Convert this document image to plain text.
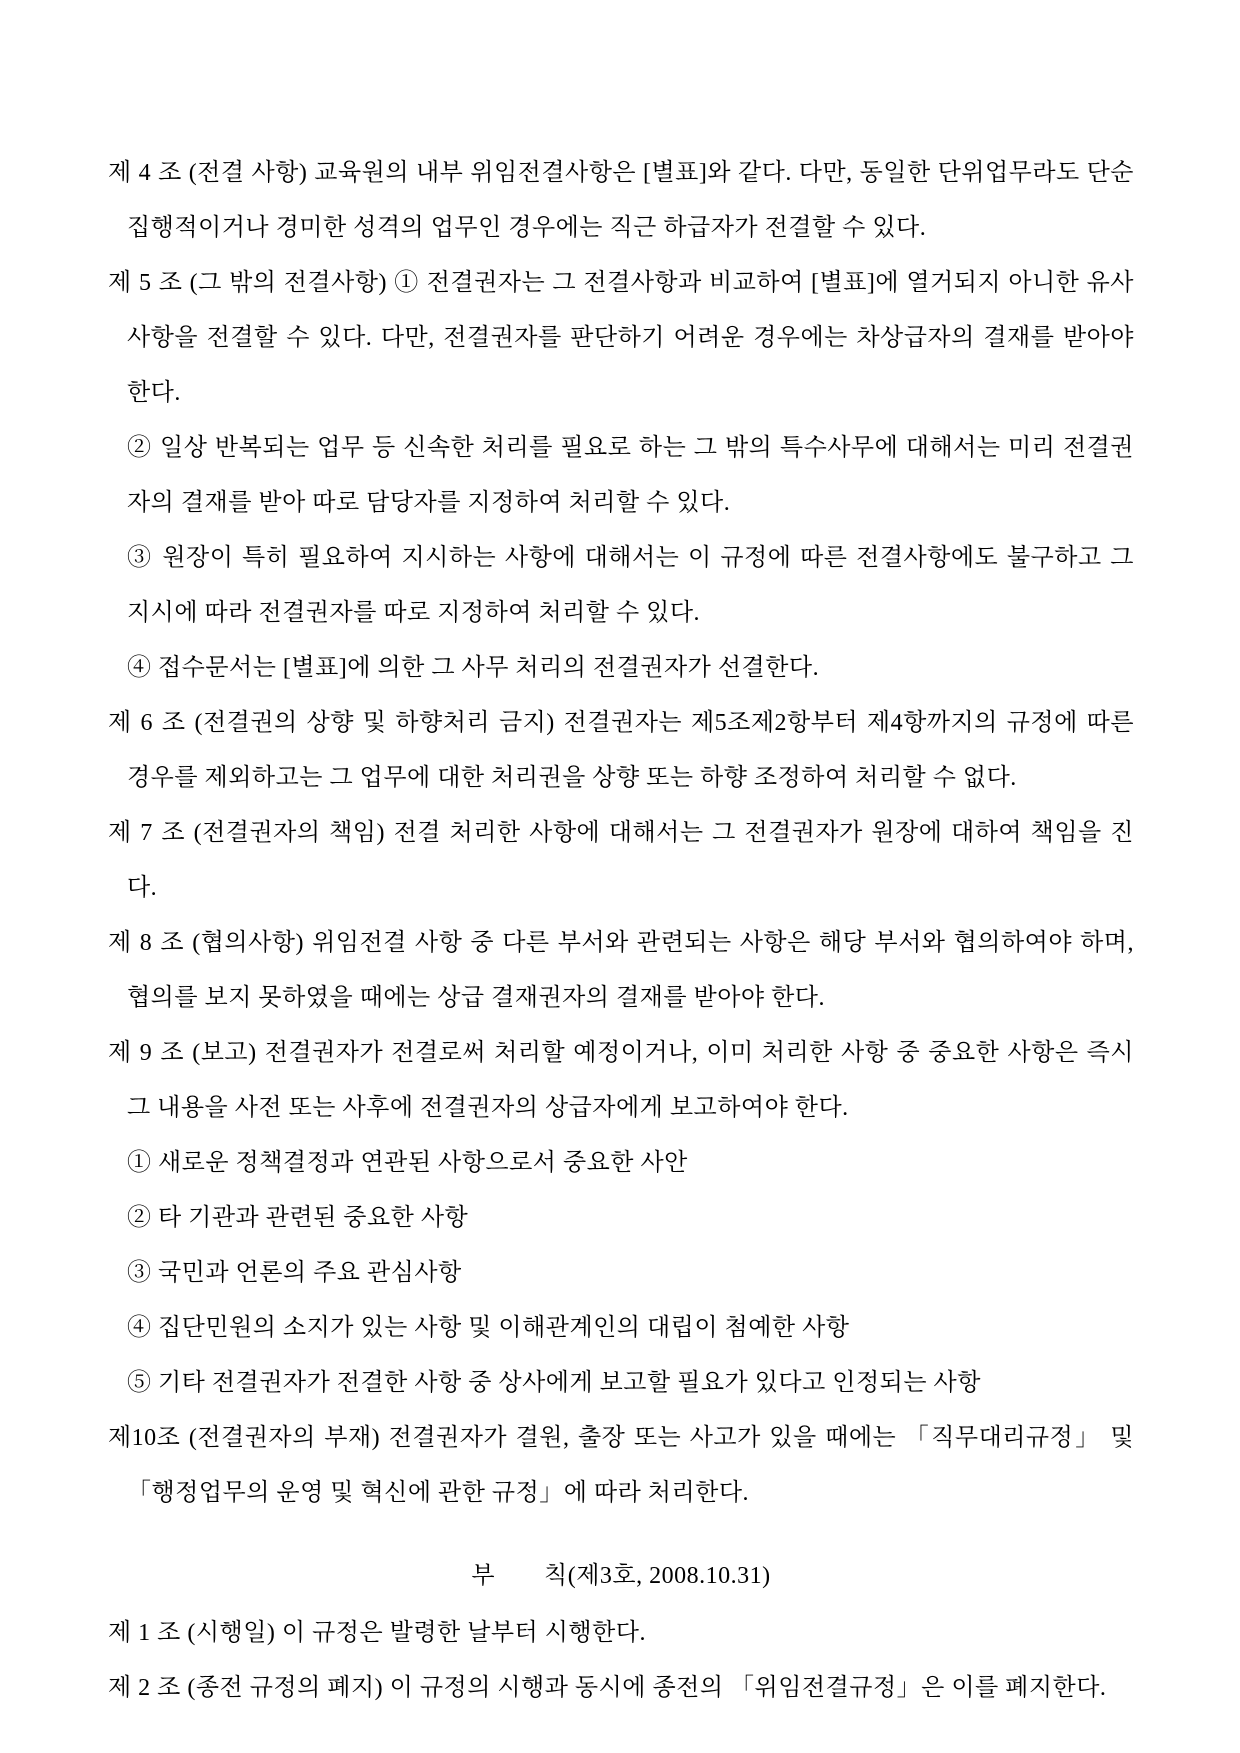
제 4 조 (전결 사항) 교육원의 내부 위임전결사항은 [별표]와 같다. 다만, 동일한 단위업무라도 단순 집행적이거나 경미한 성격의 업무인 경우에는 직근 하급자가 전결할 수 있다.

제 5 조 (그 밖의 전결사항) ① 전결권자는 그 전결사항과 비교하여 [별표]에 열거되지 아니한 유사사항을 전결할 수 있다. 다만, 전결권자를 판단하기 어려운 경우에는 차상급자의 결재를 받아야 한다.

② 일상 반복되는 업무 등 신속한 처리를 필요로 하는 그 밖의 특수사무에 대해서는 미리 전결권자의 결재를 받아 따로 담당자를 지정하여 처리할 수 있다.

③ 원장이 특히 필요하여 지시하는 사항에 대해서는 이 규정에 따른 전결사항에도 불구하고 그 지시에 따라 전결권자를 따로 지정하여 처리할 수 있다.

④ 접수문서는 [별표]에 의한 그 사무 처리의 전결권자가 선결한다.

제 6 조 (전결권의 상향 및 하향처리 금지) 전결권자는 제5조제2항부터 제4항까지의 규정에 따른 경우를 제외하고는 그 업무에 대한 처리권을 상향 또는 하향 조정하여 처리할 수 없다.

제 7 조 (전결권자의 책임) 전결 처리한 사항에 대해서는 그 전결권자가 원장에 대하여 책임을 진다.

제 8 조 (협의사항) 위임전결 사항 중 다른 부서와 관련되는 사항은 해당 부서와 협의하여야 하며, 협의를 보지 못하였을 때에는 상급 결재권자의 결재를 받아야 한다.

제 9 조 (보고) 전결권자가 전결로써 처리할 예정이거나, 이미 처리한 사항 중 중요한 사항은 즉시 그 내용을 사전 또는 사후에 전결권자의 상급자에게 보고하여야 한다.

① 새로운 정책결정과 연관된 사항으로서 중요한 사안

② 타 기관과 관련된 중요한 사항

③ 국민과 언론의 주요 관심사항

④ 집단민원의 소지가 있는 사항 및 이해관계인의 대립이 첨예한 사항

⑤ 기타 전결권자가 전결한 사항 중 상사에게 보고할 필요가 있다고 인정되는 사항

제10조 (전결권자의 부재) 전결권자가 결원, 출장 또는 사고가 있을 때에는 「직무대리규정」 및 「행정업무의 운영 및 혁신에 관한 규정」에 따라 처리한다.

부　　칙(제3호, 2008.10.31)

제 1 조 (시행일) 이 규정은 발령한 날부터 시행한다.

제 2 조 (종전 규정의 폐지) 이 규정의 시행과 동시에 종전의 「위임전결규정」은 이를 폐지한다.
